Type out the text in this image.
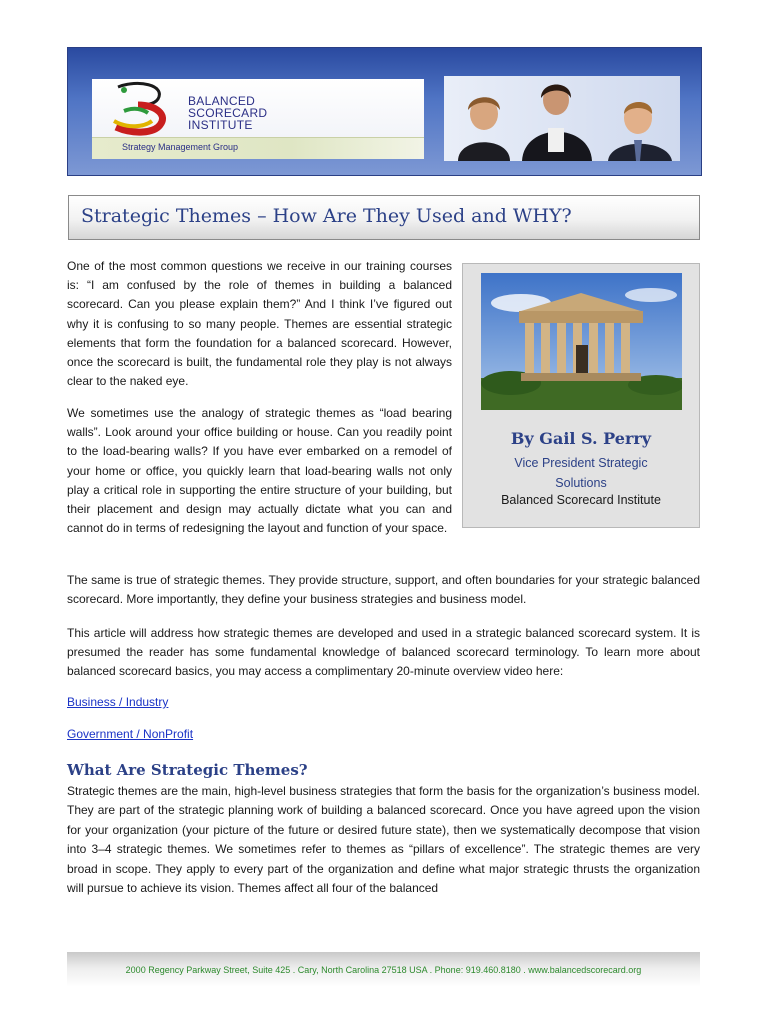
BALANCED
SCORECARD
INSTITUTE
Strategy Management Group
Strategic Themes – How Are They Used and WHY?

One of the most common questions we receive in our training courses is: “I am confused by the role of themes in building a balanced scorecard. Can you please explain them?” And I think I’ve figured out why it is confusing to so many people. Themes are essential strategic elements that form the foundation for a balanced scorecard. However, once the scorecard is built, the fundamental role they play is not always clear to the naked eye.

We sometimes use the analogy of strategic themes as “load bearing walls”. Look around your office building or house. Can you readily point to the load-bearing walls? If you have ever embarked on a remodel of your home or office, you quickly learn that load-bearing walls not only play a critical role in supporting the entire structure of your building, but their placement and design may actually dictate what you can and cannot do in terms of redesigning the layout and function of your space.

By Gail S. Perry
Vice President Strategic
Solutions
Balanced Scorecard Institute

The same is true of strategic themes. They provide structure, support, and often boundaries for your strategic balanced scorecard. More importantly, they define your business strategies and business model.

This article will address how strategic themes are developed and used in a strategic balanced scorecard system. It is presumed the reader has some fundamental knowledge of balanced scorecard terminology. To learn more about balanced scorecard basics, you may access a complimentary 20-minute overview video here:

Business / Industry
Government / NonProfit
What Are Strategic Themes?

Strategic themes are the main, high-level business strategies that form the basis for the organization’s business model. They are part of the strategic planning work of building a balanced scorecard. Once you have agreed upon the vision for your organization (your picture of the future or desired future state), then we systematically decompose that vision into 3–4 strategic themes. We sometimes refer to themes as “pillars of excellence”. The strategic themes are very broad in scope. They apply to every part of the organization and define what major strategic thrusts the organization will pursue to achieve its vision. Themes affect all four of the balanced

2000 Regency Parkway Street, Suite 425 . Cary, North Carolina 27518 USA . Phone: 919.460.8180 . www.balancedscorecard.org
